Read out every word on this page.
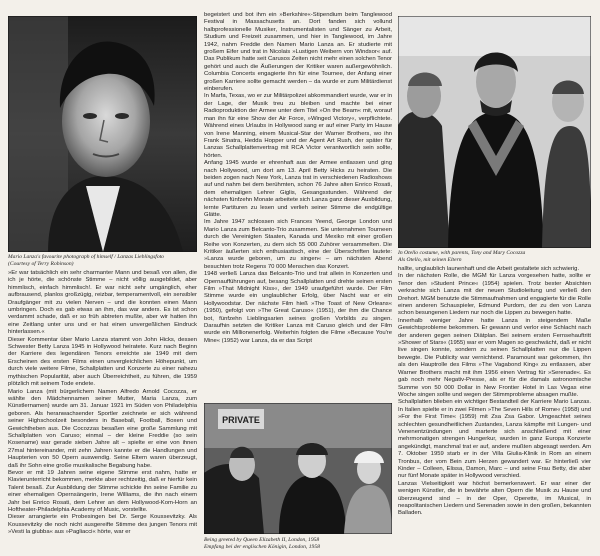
Mario Lanza's favourite photograph of himself / Lanzas Lieblingsfoto
(Courtesy of Terry Robinson)

»Er war tatsächlich ein sehr charmanter Mann und besaß von allen, die ich je hörte, die schönste Stimme – nicht völlig ausgebildet, aber himmlisch, einfach himmlisch!. Er war nicht sehr umgänglich, eher aufbrausend, planlos großzügig, reizbar, temperamentvoll, ein sensibler Draufgänger mit zu vielen Nerven – und die konnten einen Mann umbringen. Doch es gab etwas an ihm, das war anders. Es ist schon verdammt schade, daß er so früh abtreten mußte, aber wir hatten ihn eine Zeitlang unter uns und er hat einen unvergeßlichen Eindruck hinterlassen.«

Dieser Kommentar über Mario Lanza stammt von John Hicks, dessen Schwester Betty Lanza 1945 in Hollywood heiratete. Kurz nach Beginn der Karriere des legendären Tenors erreichte sie 1949 mit dem Erscheinen des ersten Films einen unvergleichlichen Höhepunkt, um durch viele weitere Filme, Schallplatten und Konzerte zu einer nahezu mythischen Popularität, aber auch Überreichtheit, zu führen, die 1959 plötzlich mit seinem Tode endete.

Mario Lanza (mit bürgerlichem Namen Alfredo Arnold Cocozza, er wählte den Mädchennamen seiner Mutter, Maria Lanza, zum Künstlernamen) wurde am 31. Januar 1921 im Süden von Philadelphia geboren. Als heranwachsender Sportler zeichnete er sich während seiner Highschoolzeit besonders in Baseball, Football, Boxen und Gewichtheben aus. Die Cocozzas besaßen eine große Sammlung mit Schallplatten von Caruso; einmal – der kleine Freddie (so sein Kosename) war gerade sieben Jahre alt – spielte er eine von ihnen 27mal hintereinander, mit zehn Jahren kannte er die Handlungen und Haupterien von 50 Opern auswendig. Seine Eltern waren überzeugt, daß ihr Sohn eine große musikalische Begabung habe.

Bevor er mit 19 Jahren seine eigene Stimme erst nahm, hatte er Klavierunterricht bekommen, merkte aber rechtzeitig, daß er hierfür kein Talent besaß. Zur Ausbildung der Stimme schickte ihn seine Familie zu einer ehemaligen Opernsängerin, Irene Williams, die ihn nach einem Jahr bei Enrico Rosati, dem Lehrer an dem Hollywood-Kom-Horn an Hoftheater-Philadelphia Academy of Music, vorstellte.

Dieser arrangierte ein Probesingen bei Dr. Serge Koussevitzky. Als Koussevitzky die noch nicht ausgereifte Stimme des jungen Tenors mit »Vesti la giubba« aus »Pagliacci« hörte, war er

begeistert und bot ihm ein »Berkshire«-Stipendium beim Tanglewood Festival in Massachusetts an. Dort fanden sich vollund halbprofessionelle Musiker, Instrumentalisten und Sänger zu Arbeit, Studium und Freizeit zusammen, und hier in Tanglewood, im Jahre 1942, nahm Freddie den Namen Mario Lanza an. Er studierte mit großem Eifer und trat in Nicolais »Lustigen Weibern von Windsor« auf. Das Publikum hatte seit Carusos Zeiten nicht mehr einen solchen Tenor gehört und auch die Äußerungen der Kritiker waren außergewöhnlich. Columbia Concerts engagierte ihn für eine Tournee, der Anfang einer großen Karriere sollte gemacht werden – da wurde er zum Militärdienst einberufen.

In Marfa, Texas, wo er zur Militärpolizei abkommandiert wurde, war er in der Lage, der Musik treu zu bleiben und machte bei einer Radioproduktion der Armee unter dem Titel »On the Beam« mit, worauf man ihn für eine Show der Air Force, »Winged Victory«, verpflichtete. Während eines Urlaubs in Hollywood sang er auf einer Party im Hause von Irene Manning, einem Musical-Star der Warner Brothers, wo ihn Frank Sinatra, Hedda Hopper und der Agent Art Rush, der später für Lanzas Schallplattenvertrag mit RCA Victor verantwortlich sein sollte, hörten.

Anfang 1945 wurde er ehrenhaft aus der Armee entlassen und ging nach Hollywood, um dort am 13. April Betty Hicks zu heiraten. Die beiden zogen nach New York, Lanza trat in verschiedenen Radioshows auf und nahm bei dem berühmten, schon 76 Jahre alten Enrico Rosati, dem ehemaligen Lehrer Giglis, Gesangsstunden. Während der nächsten fünfzehn Monate arbeitete sich Lanza ganz dieser Ausbildung, lernte Partituren zu lesen und verlieh seiner Stimme die endgültige Glätte.

Im Jahre 1947 schlossen sich Frances Yeend, George London und Mario Lanza zum Belcanto-Trio zusammen. Sie unternahmen Tourneen durch die Vereinigten Staaten, Kanada und Mexiko mit einer großen Reihe von Konzerten, zu dem sich 55 000 Zuhörer versammelten. Die Kritiker äußerten sich enthusiastisch, eine der Überschriften lautete: »Lanza wurde geboren, um zu singen« – am nächsten Abend besuchten trotz Regens 70 000 Menschen das Konzert.

1948 verließ Lanza das Belcanto-Trio und trat allein in Konzerten und Opernaufführungen auf, besang Schallplatten und drehte seinen ersten Film »That Midnight Kiss«, der 1949 uraufgeführt wurde. Der Film Stimme wurde ein unglaublicher Erfolg, über Nacht war er ein Hollywoodstar. Der nächste Film hieß »The Toast of New Orleans« (1950), gefolgt von »The Great Caruso« (1951), der ihm die Chance bot, fünfzehn Lieblingsarien seines großen Vorbilds zu singen. Daraufhin setzten die Kritiker Lanza mit Caruso gleich und der Film wurde ein Millionenerfolg. Weiterhin folgten die Filme »Because You're Mine« (1952) war Lanza, da er das Script

PRIVATE
Being greeted by Queen Elizabeth II, London, 1958
Empfang bei der englischen Königin, London, 1958
In Otello costume, with parents, Tony and Mary Cocozza
Als Otello, mit seinen Eltern

hallte, unglaublich launenhaft und die Arbeit gestaltete sich schwierig.

In der nächsten Rolle, die MGM für Lanza vorgesehen hatte, sollte er Tenor den »Student Prince« (1954) spielen. Trotz bester Absichten verkrachte sich Lanza mit der neuen Studioleitung und verließ den Drehort. MGM benutzte die Stimmaufnahmen und engagierte für die Rolle einen anderen Schauspieler, Edmund Purdom, der zu den von Lanza schon besungenen Liedern nur noch die Lippen zu bewegen hatte.

Innerhalb weniger Jahre hatte Lanza in steigendem Maße Gewichtsprobleme bekommen. Er gewann und verlor eine Schlacht nach der anderen gegen seinen Diätplan. Bei seinem ersten Fernsehauftritt »Shower of Stars« (1955) war er vom Magen so geschwächt, daß er nicht live singen konnte, sondern zu seinen Schallplatten nur die Lippen bewegte. Die Publicity war vernichtend. Paramount war gekommen, ihn als den Hauptrolle des Films »The Vagabond King« zu entlassen, aber Warner Brothers macht mit ihm 1956 einen Vertrag für »Serenade«. Es gab noch mehr Negativ-Presse, als er für die damals astronomische Summe von 50 000 Dollar in New Frontier Hotel in Las Vegas eine Woche singen sollte und wegen der Stimmprobleme absagen mußte.

Schallplatten blieben ein wichtiger Bestandteil der Karriere Mario Lanzas. In Italien spielte er in zwei Filmen »The Seven Hills of Rome« (1958) und »For the First Time« (1959) mit Zsa Zsa Gabor. Umgeachtet seines schlechten gesundheitlichen Zustandes, Lanza kämpfte mit Lungen- und Venenentzündungen und marterte sich anschließend mit einer mehrmonatigen strengen Hungerkur, wurden in ganz Europa Konzerte angekündigt, manchmal trat er auf, andere mußten abgesagt werden. Am 7. Oktober 1959 starb er in der Villa Giulia-Klinik in Rom an einem Tronbus, der vom Bein zum Herzen gewandert war. Er hinterließ vier Kinder – Colleen, Elissa, Damon, Marc – und seine Frau Betty, die aber nur fünf Monate später in Hollywood verschied.

Lanzas Vielseitigkeit war höchst bemerkenswert. Er war einer der wenigen Künstler, die in bewährte alten Opern die Musik zu Hause und überzeugend sind – in der Oper, Operette, im Musical, in neapolitanischen Liedern und Serenaden sowie in den großen, bekannten Balladen.
